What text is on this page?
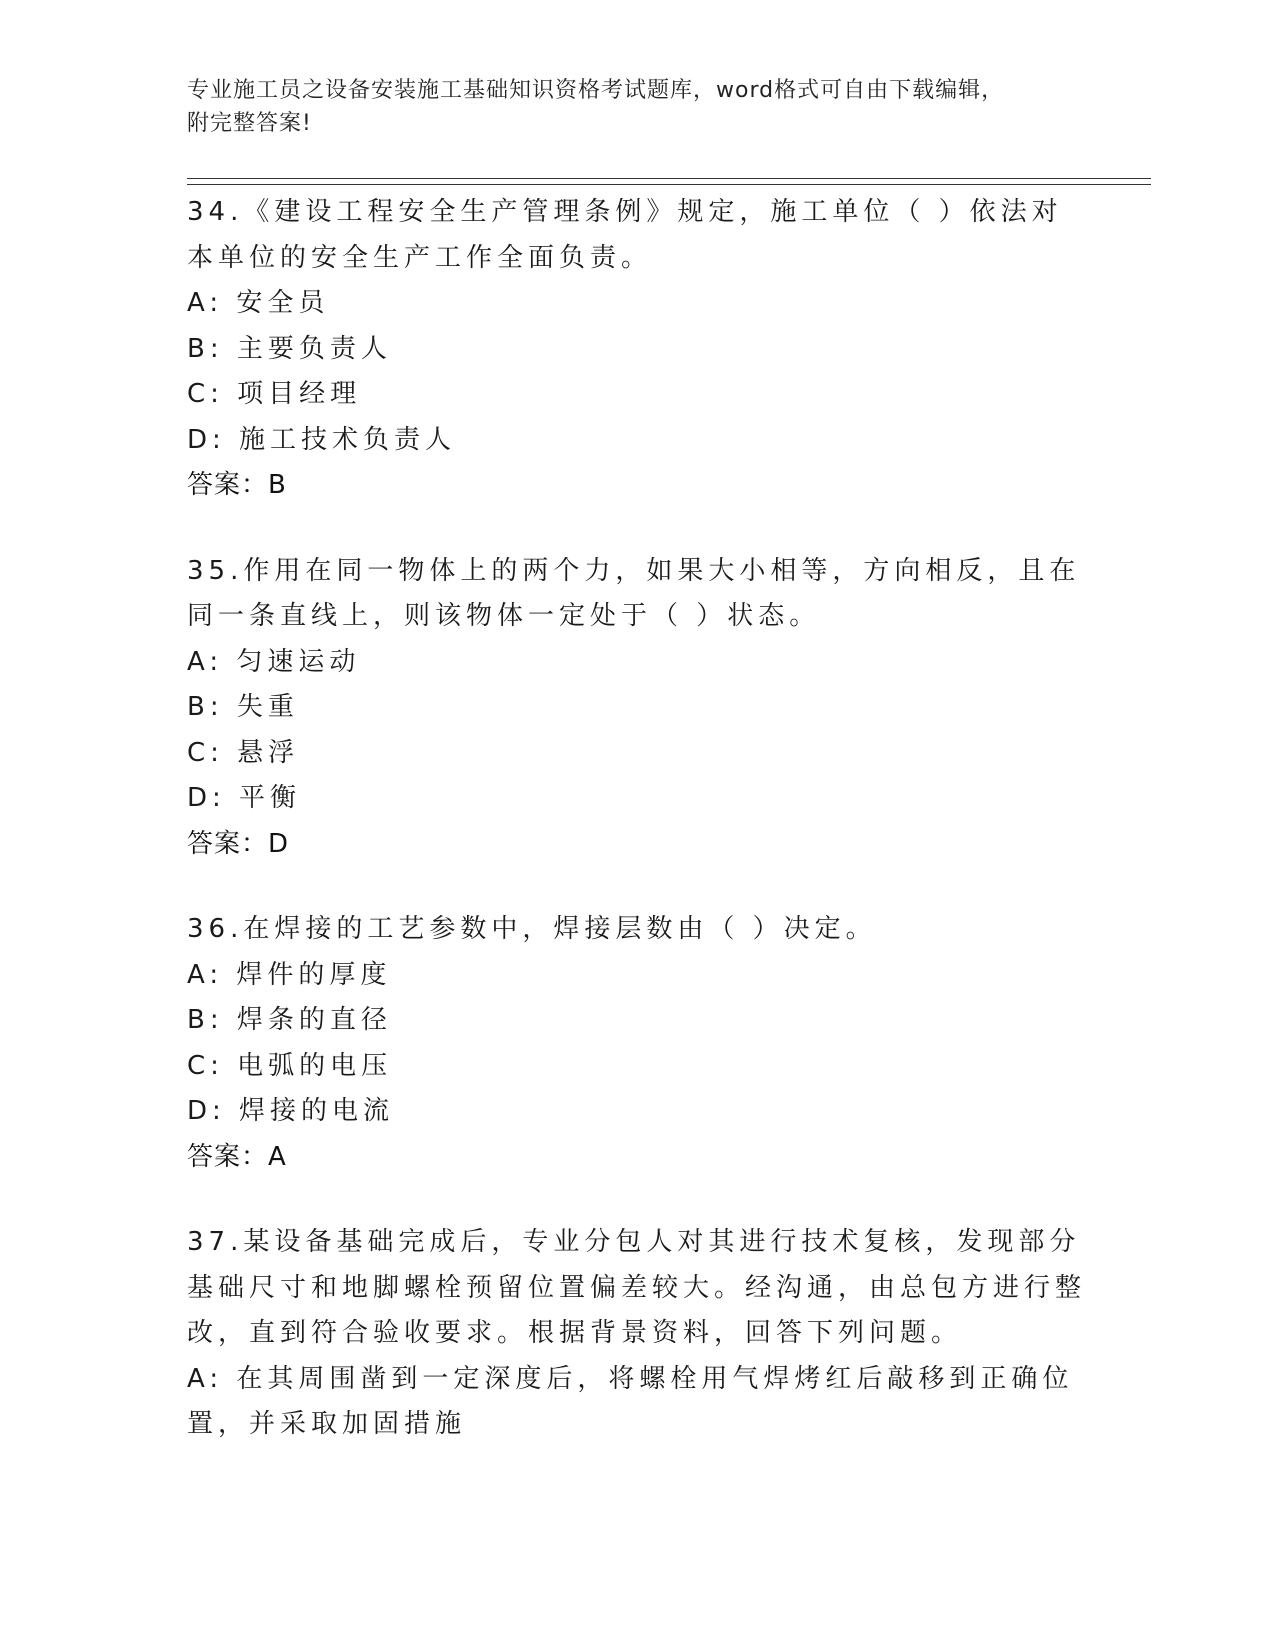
专业施工员之设备安装施工基础知识资格考试题库，word格式可自由下载编辑，
附完整答案!
34.《建设工程安全生产管理条例》规定，施工单位（ ）依法对本单位的安全生产工作全面负责。
A: 安全员
B: 主要负责人
C: 项目经理
D: 施工技术负责人
答案：B
35.作用在同一物体上的两个力，如果大小相等，方向相反，且在同一条直线上，则该物体一定处于（ ）状态。
A: 匀速运动
B: 失重
C: 悬浮
D: 平衡
答案：D
36.在焊接的工艺参数中，焊接层数由（ ）决定。
A: 焊件的厚度
B: 焊条的直径
C: 电弧的电压
D: 焊接的电流
答案：A
37.某设备基础完成后，专业分包人对其进行技术复核，发现部分基础尺寸和地脚螺栓预留位置偏差较大。经沟通，由总包方进行整改，直到符合验收要求。根据背景资料，回答下列问题。
A: 在其周围凿到一定深度后，将螺栓用气焊烤红后敲移到正确位置，并采取加固措施
